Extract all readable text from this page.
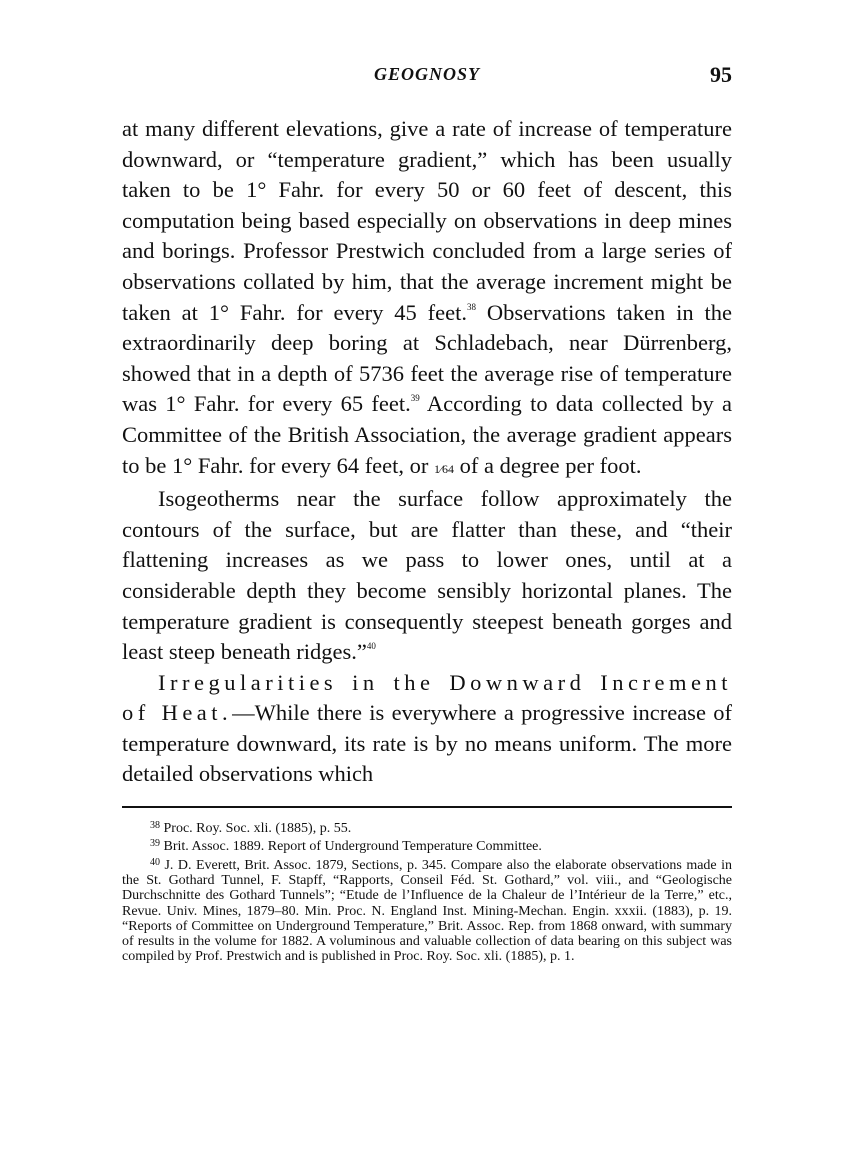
GEOGNOSY	95

at many different elevations, give a rate of increase of temperature downward, or “temperature gradient,” which has been usually taken to be 1° Fahr. for every 50 or 60 feet of descent, this computation being based especially on observations in deep mines and borings. Professor Prestwich concluded from a large series of observations collated by him, that the average increment might be taken at 1° Fahr. for every 45 feet.$^{38}$ Observations taken in the extraordinarily deep boring at Schladebach, near Dürrenberg, showed that in a depth of 5736 feet the average rise of temperature was 1° Fahr. for every 65 feet.$^{39}$ According to data collected by a Committee of the British Association, the average gradient appears to be 1° Fahr. for every 64 feet, or 1⁄64 of a degree per foot.

Isogeotherms near the surface follow approximately the contours of the surface, but are flatter than these, and “their flattening increases as we pass to lower ones, until at a considerable depth they become sensibly horizontal planes. The temperature gradient is consequently steepest beneath gorges and least steep beneath ridges.”$^{40}$

Irregularities in the Downward Increment of Heat.—While there is everywhere a progressive increase of temperature downward, its rate is by no means uniform. The more detailed observations which

$^{38}$ Proc. Roy. Soc. xli. (1885), p. 55.

$^{39}$ Brit. Assoc. 1889. Report of Underground Temperature Committee.

$^{40}$ J. D. Everett, Brit. Assoc. 1879, Sections, p. 345. Compare also the elaborate observations made in the St. Gothard Tunnel, F. Stapff, “Rapports, Conseil Féd. St. Gothard,” vol. viii., and “Geologische Durchschnitte des Gothard Tunnels”; “Etude de l’Influence de la Chaleur de l’Intérieur de la Terre,” etc., Revue. Univ. Mines, 1879–80. Min. Proc. N. England Inst. Mining-Mechan. Engin. xxxii. (1883), p. 19. “Reports of Committee on Underground Temperature,” Brit. Assoc. Rep. from 1868 onward, with summary of results in the volume for 1882. A voluminous and valuable collection of data bearing on this subject was compiled by Prof. Prestwich and is published in Proc. Roy. Soc. xli. (1885), p. 1.
